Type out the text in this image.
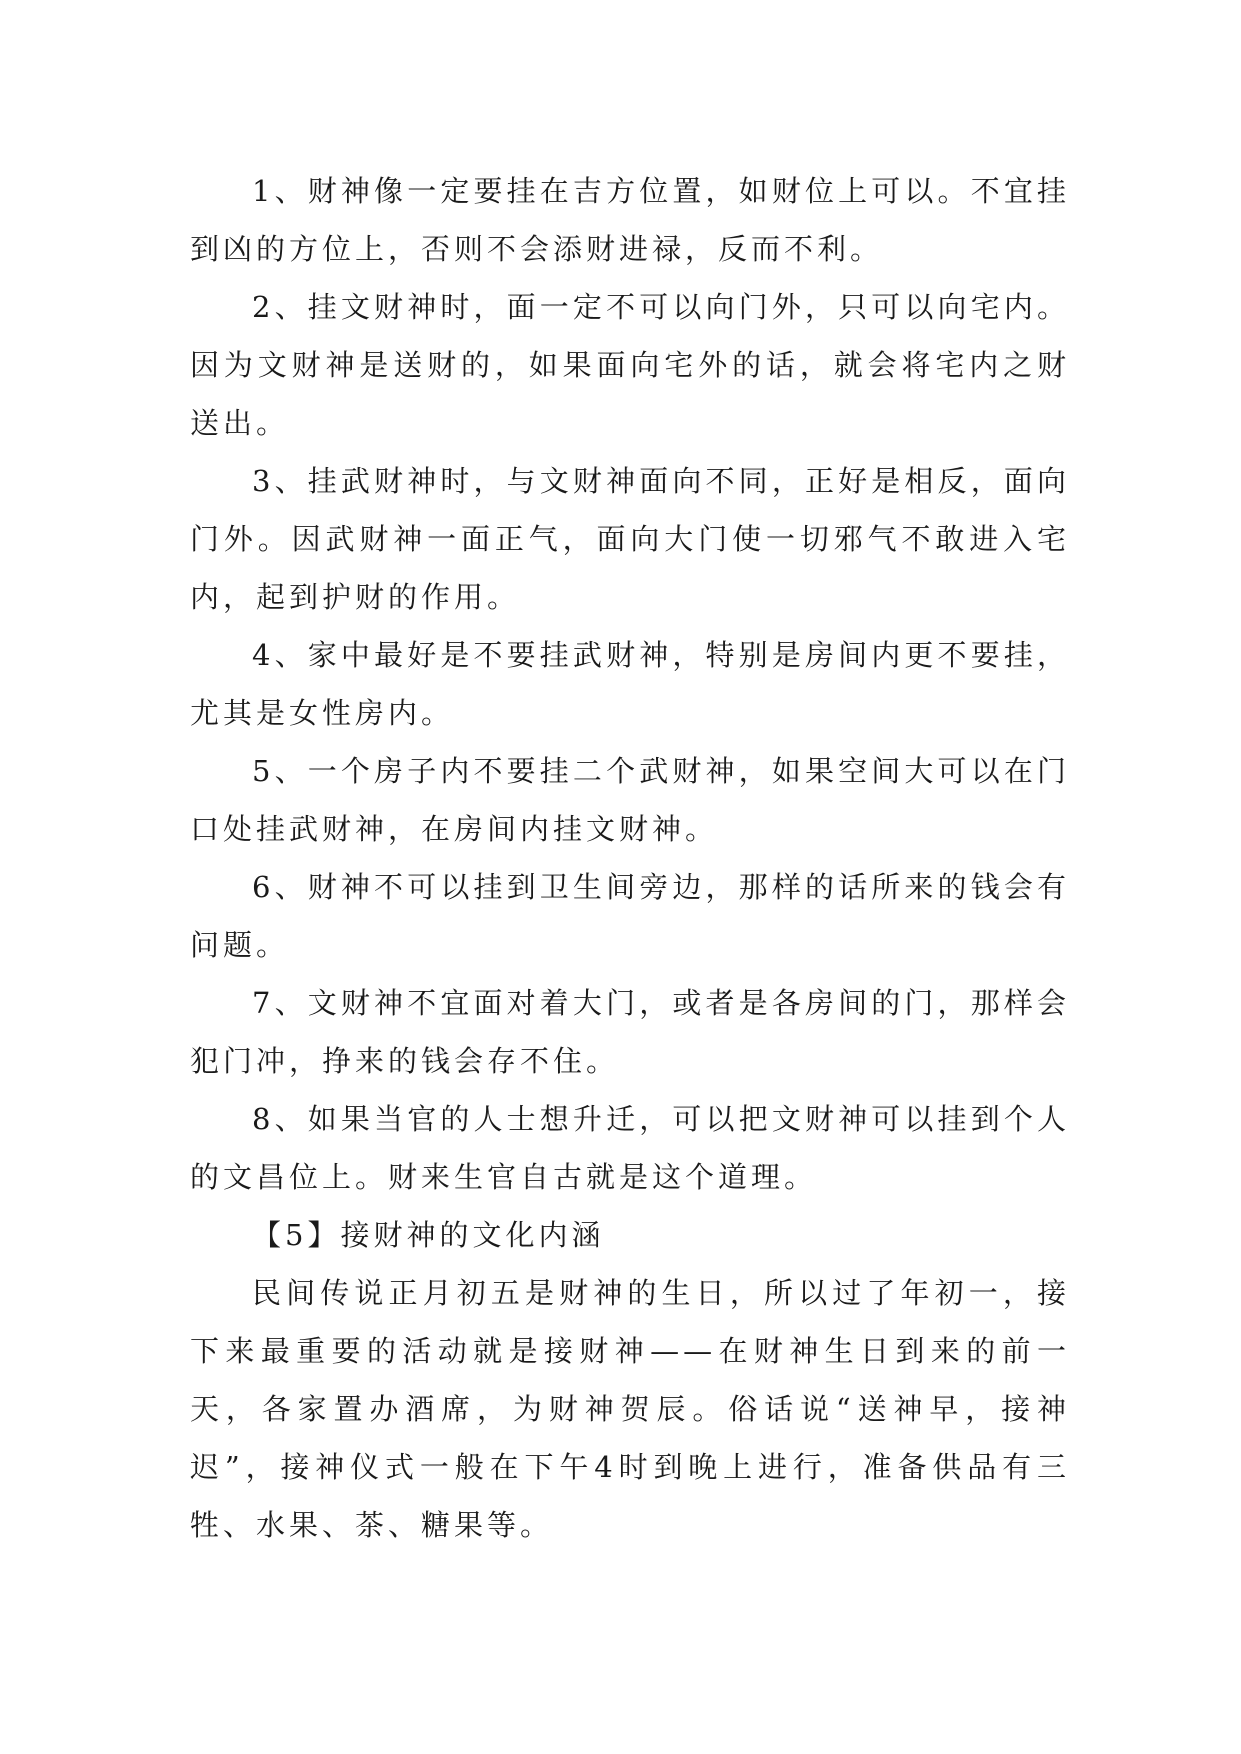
1、财神像一定要挂在吉方位置，如财位上可以。不宜挂到凶的方位上，否则不会添财进禄，反而不利。

2、挂文财神时，面一定不可以向门外，只可以向宅内。因为文财神是送财的，如果面向宅外的话，就会将宅内之财送出。

3、挂武财神时，与文财神面向不同，正好是相反，面向门外。因武财神一面正气，面向大门使一切邪气不敢进入宅内，起到护财的作用。

4、家中最好是不要挂武财神，特别是房间内更不要挂，尤其是女性房内。

5、一个房子内不要挂二个武财神，如果空间大可以在门口处挂武财神，在房间内挂文财神。

6、财神不可以挂到卫生间旁边，那样的话所来的钱会有问题。

7、文财神不宜面对着大门，或者是各房间的门，那样会犯门冲，挣来的钱会存不住。

8、如果当官的人士想升迁，可以把文财神可以挂到个人的文昌位上。财来生官自古就是这个道理。

【5】接财神的文化内涵

民间传说正月初五是财神的生日，所以过了年初一，接下来最重要的活动就是接财神——在财神生日到来的前一天，各家置办酒席，为财神贺辰。俗话说“送神早，接神迟”，接神仪式一般在下午4时到晚上进行，准备供品有三牲、水果、茶、糖果等。
